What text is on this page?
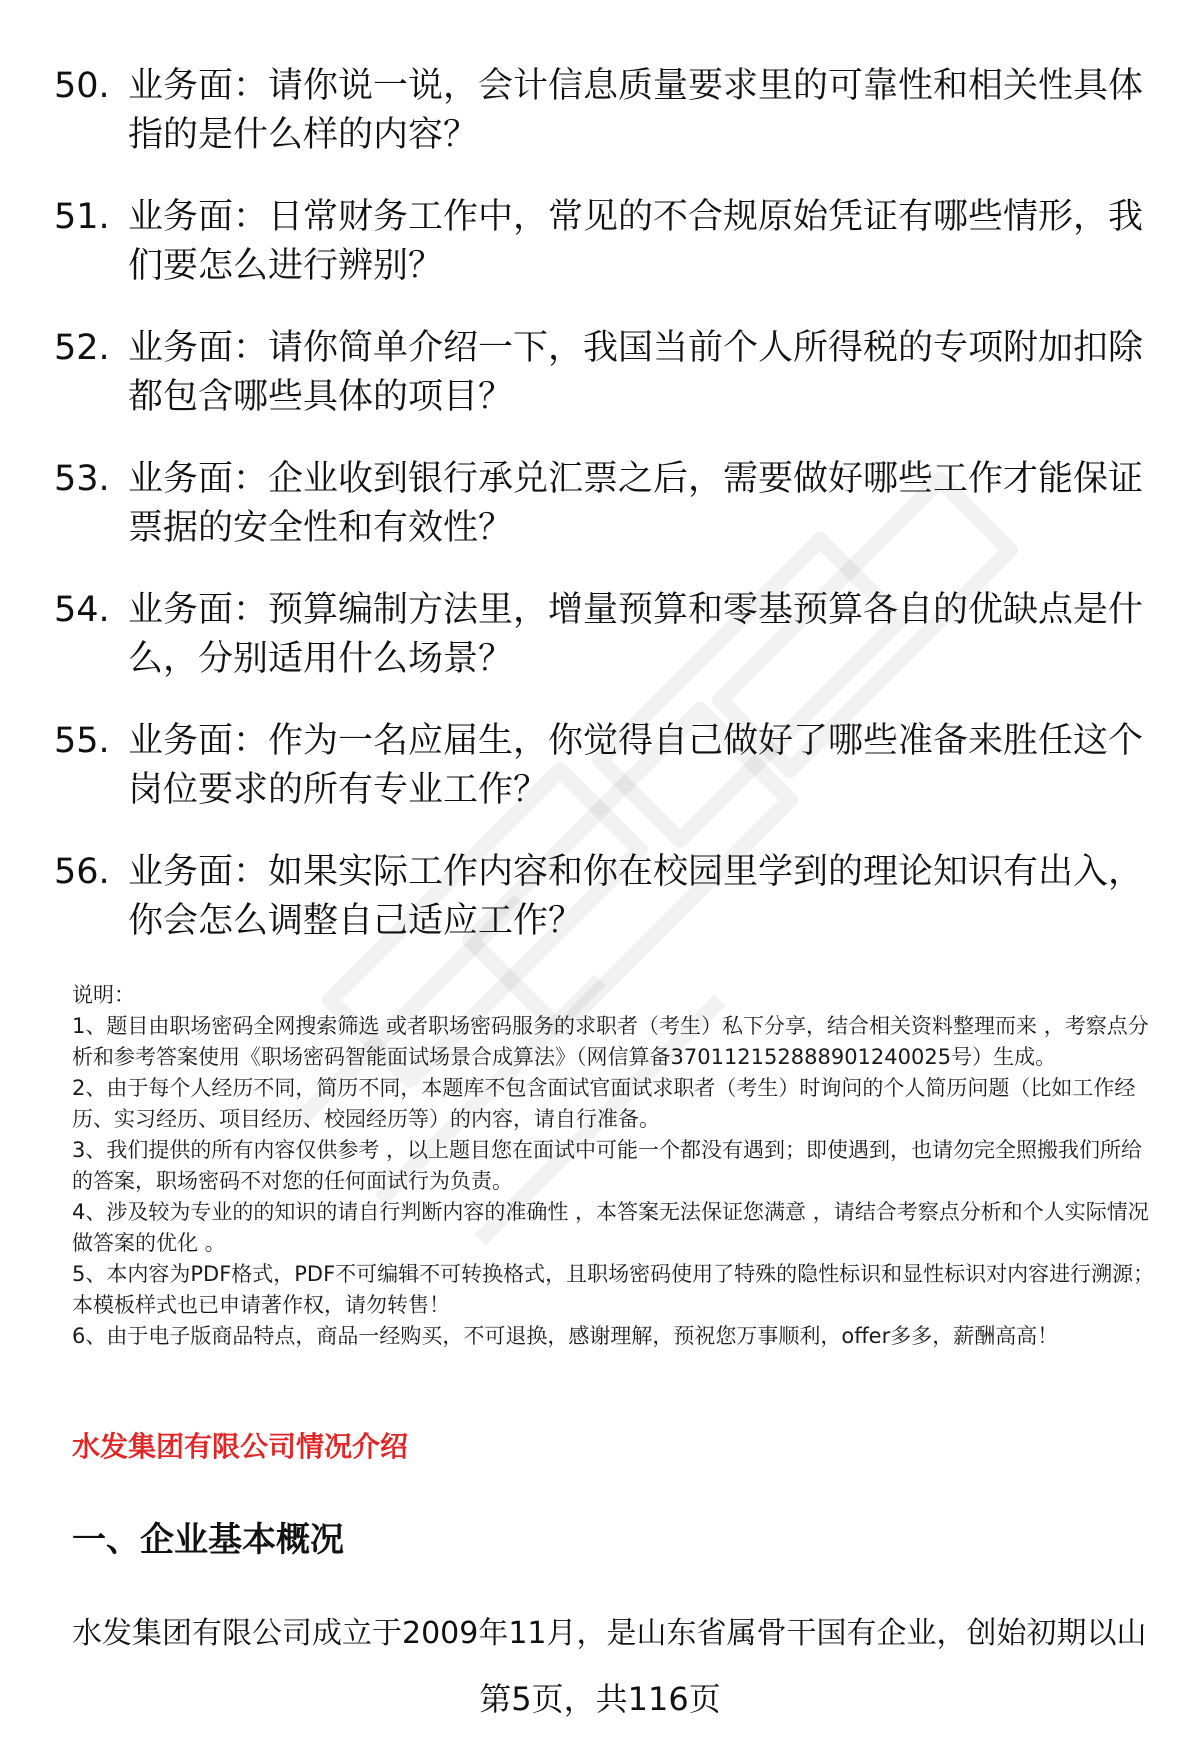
50. 业务面：请你说一说，会计信息质量要求里的可靠性和相关性具体指的是什么样的内容？
51. 业务面：日常财务工作中，常见的不合规原始凭证有哪些情形，我们要怎么进行辨别？
52. 业务面：请你简单介绍一下，我国当前个人所得税的专项附加扣除都包含哪些具体的项目？
53. 业务面：企业收到银行承兑汇票之后，需要做好哪些工作才能保证票据的安全性和有效性？
54. 业务面：预算编制方法里，增量预算和零基预算各自的优缺点是什么，分别适用什么场景？
55. 业务面：作为一名应届生，你觉得自己做好了哪些准备来胜任这个岗位要求的所有专业工作？
56. 业务面：如果实际工作内容和你在校园里学到的理论知识有出入，你会怎么调整自己适应工作？

说明：

1、题目由职场密码全网搜索筛选 或者职场密码服务的求职者（考生）私下分享，结合相关资料整理而来 ，考察点分析和参考答案使用《职场密码智能面试场景合成算法》（网信算备370112152888901240025号）生成。

2、由于每个人经历不同，简历不同，本题库不包含面试官面试求职者（考生）时询问的个人简历问题（比如工作经历、实习经历、项目经历、校园经历等）的内容，请自行准备。

3、我们提供的所有内容仅供参考 ，以上题目您在面试中可能一个都没有遇到；即使遇到，也请勿完全照搬我们所给的答案，职场密码不对您的任何面试行为负责。

4、涉及较为专业的的知识的请自行判断内容的准确性 ，本答案无法保证您满意 ，请结合考察点分析和个人实际情况做答案的优化 。

5、本内容为PDF格式，PDF不可编辑不可转换格式，且职场密码使用了特殊的隐性标识和显性标识对内容进行溯源；本模板样式也已申请著作权，请勿转售！

6、由于电子版商品特点，商品一经购买，不可退换，感谢理解，预祝您万事顺利，offer多多，薪酬高高！

水发集团有限公司情况介绍
一、企业基本概况

水发集团有限公司成立于2009年11月，是山东省属骨干国有企业，创始初期以山

第5页，共116页
